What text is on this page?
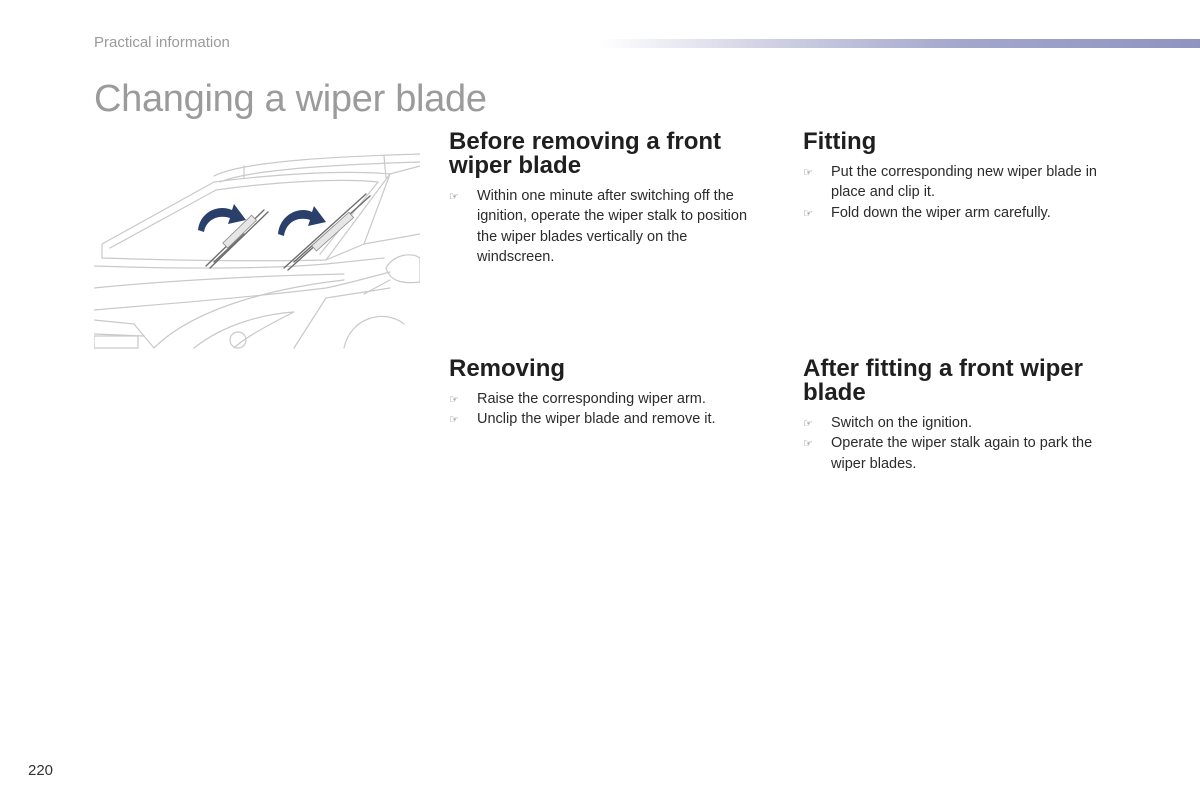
Practical information
Changing a wiper blade
Before removing a front wiper blade
☞ Within one minute after switching off the ignition, operate the wiper stalk to position the wiper blades vertically on the windscreen.
Fitting
☞ Put the corresponding new wiper blade in place and clip it.
☞ Fold down the wiper arm carefully.
Removing
☞ Raise the corresponding wiper arm.
☞ Unclip the wiper blade and remove it.
After fitting a front wiper blade
☞ Switch on the ignition.
☞ Operate the wiper stalk again to park the wiper blades.
220
